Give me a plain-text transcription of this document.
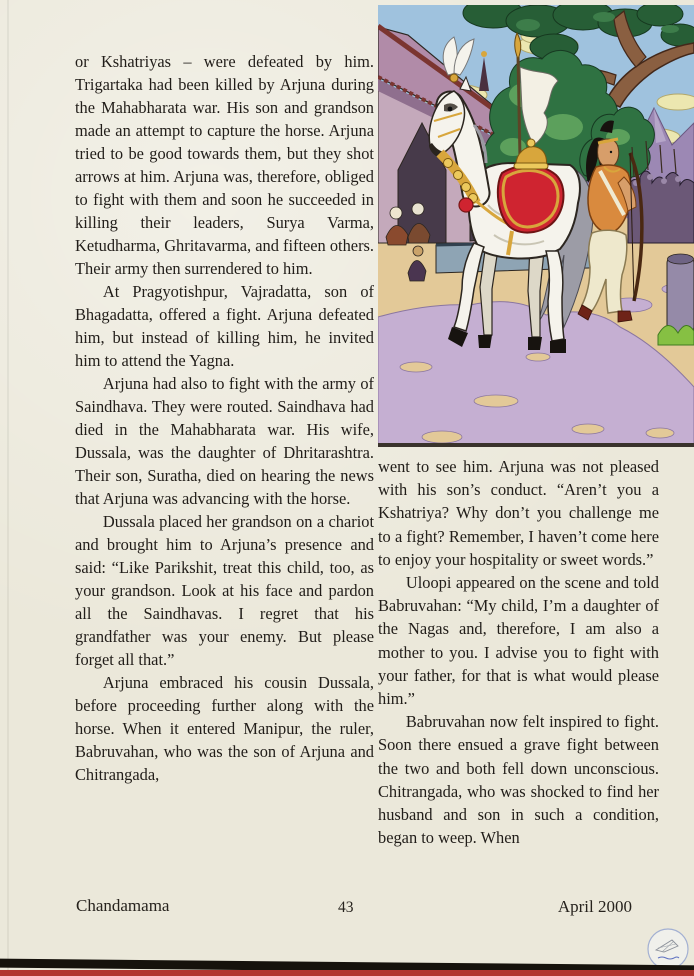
or Kshatriyas – were defeated by him. Trigartaka had been killed by Arjuna during the Mahabharata war. His son and grandson made an attempt to capture the horse. Arjuna tried to be good towards them, but they shot arrows at him. Arjuna was, therefore, obliged to fight with them and soon he succeeded in killing their leaders, Surya Varma, Ketudharma, Ghritavarma, and fifteen others. Their army then surrendered to him.

At Pragyotishpur, Vajradatta, son of Bhagadatta, offered a fight. Arjuna defeated him, but instead of killing him, he invited him to attend the Yagna.

Arjuna had also to fight with the army of Saindhava. They were routed. Saindhava had died in the Mahabharata war. His wife, Dussala, was the daughter of Dhritarashtra. Their son, Suratha, died on hearing the news that Arjuna was advancing with the horse.

Dussala placed her grandson on a chariot and brought him to Arjuna’s presence and said: “Like Parikshit, treat this child, too, as your grandson. Look at his face and pardon all the Saindhavas. I regret that his grandfather was your enemy. But please forget all that.”

Arjuna embraced his cousin Dussala, before proceeding further along with the horse. When it entered Manipur, the ruler, Babruvahan, who was the son of Arjuna and Chitrangada,

went to see him. Arjuna was not pleased with his son’s conduct. “Aren’t you a Kshatriya? Why don’t you challenge me to a fight? Remember, I haven’t come here to enjoy your hospitality or sweet words.”

Uloopi appeared on the scene and told Babruvahan: “My child, I’m a daughter of the Nagas and, therefore, I am also a mother to you. I advise you to fight with your father, for that is what would please him.”

Babruvahan now felt inspired to fight. Soon there ensued a grave fight between the two and both fell down unconscious. Chitrangada, who was shocked to find her husband and son in such a condition, began to weep. When

Chandamama	43	April 2000
